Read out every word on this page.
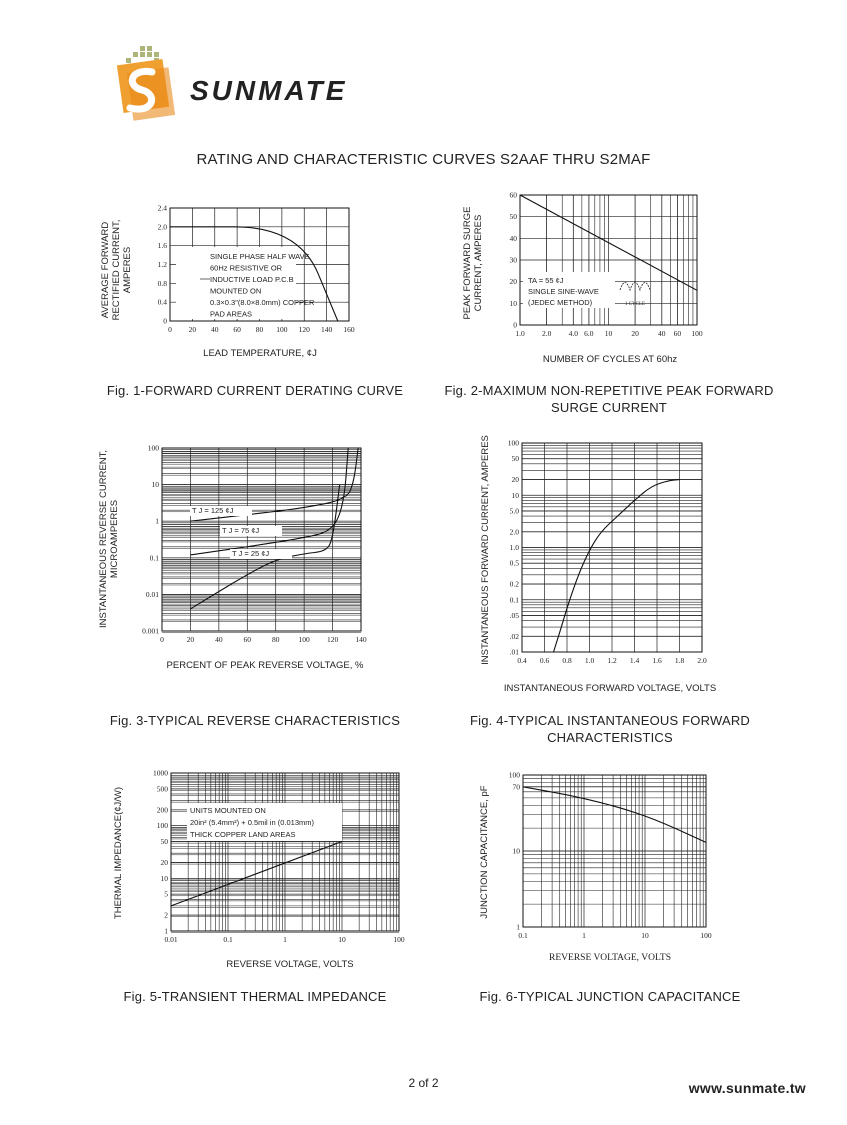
SUNMATE
RATING AND CHARACTERISTIC CURVES S2AAF THRU S2MAF
0 20 40 60 80 100 120 140 160
0
0.4
0.8
1.2
1.6
2.0
2.4
SINGLE PHASE HALF WAVE
60Hz RESISTIVE OR
INDUCTIVE LOAD P.C.B
MOUNTED ON
0.3×0.3"(8.0×8.0mm) COPPER
PAD AREAS
AVERAGE FORWARD RECTIFIED CURRENT, AMPERES
LEAD TEMPERATURE, ¢J
Fig. 1-FORWARD CURRENT DERATING CURVE
1.0 2.0 4.0 6.0 10	20	40 60 100
0
10
20
30
40
50
60
TA = 55 ¢J
SINGLE SINE-WAVE
(JEDEC METHOD)	1 CYCLE
PEAK FORWARD SURGE CURRENT, AMPERES
NUMBER OF CYCLES AT 60hz
Fig. 2-MAXIMUM NON-REPETITIVE PEAK FORWARD SURGE CURRENT
0	20	40	60	80	100 120 140
0.001
0.01
0.1
1
10
100
T J = 125 ¢J
T J = 75 ¢J
T J = 25 ¢J
INSTANTANEOUS REVERSE CURRENT, MICROAMPERES
PERCENT OF PEAK REVERSE VOLTAGE, %
Fig. 3-TYPICAL REVERSE CHARACTERISTICS
0.4 0.6 0.8 1.0 1.2 1.4 1.6 1.8 2.0
.01
.02
.05
0.1
0.2
0.5
1.0
2.0
5.0
10
20
50
100
INSTANTANEOUS FORWARD CURRENT, AMPERES
INSTANTANEOUS FORWARD VOLTAGE, VOLTS
Fig. 4-TYPICAL INSTANTANEOUS FORWARD CHARACTERISTICS
0.01	0.1	1	10	100
1
2
5
10
20
50
100
200
500
1000
UNITS MOUNTED ON
20in² (5.4mm²) + 0.5mil in (0.013mm)
THICK COPPER LAND AREAS
THERMAL IMPEDANCE(¢J/W)
REVERSE VOLTAGE, VOLTS
Fig. 5-TRANSIENT THERMAL IMPEDANCE
0.1	1	10	100
1
10
70
100
JUNCTION CAPACITANCE, pF
REVERSE VOLTAGE, VOLTS
Fig. 6-TYPICAL JUNCTION CAPACITANCE
2 of 2	www.sunmate.tw
